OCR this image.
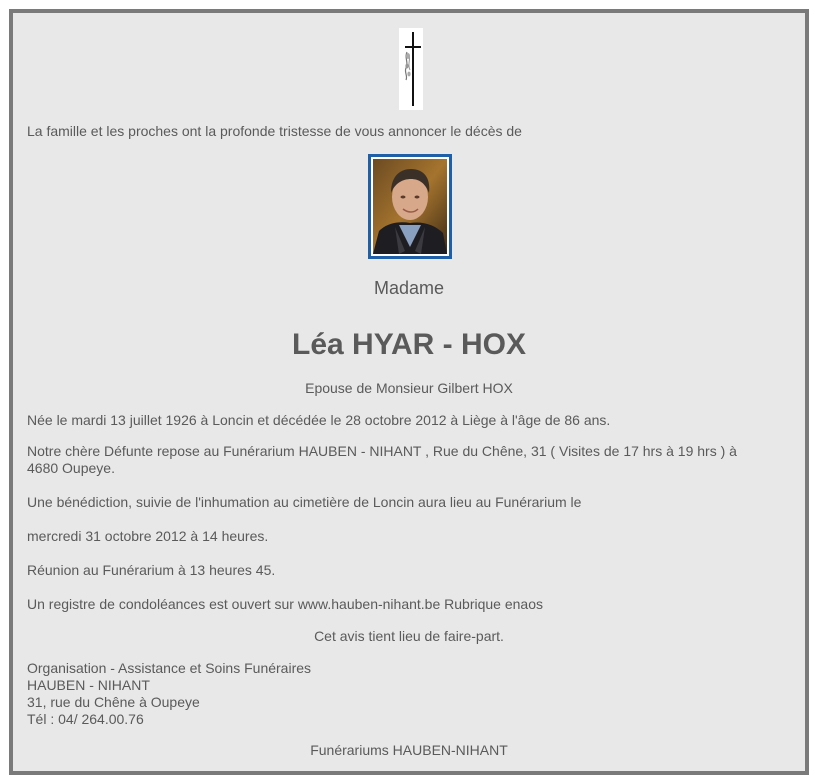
La famille et les proches ont la profonde tristesse de vous annoncer le décès de

Madame

Léa HYAR - HOX

Epouse de Monsieur Gilbert HOX

Née le mardi 13 juillet 1926 à Loncin et décédée le 28 octobre 2012 à Liège à l'âge de 86 ans.

Notre chère Défunte repose au Funérarium HAUBEN - NIHANT , Rue du Chêne, 31 ( Visites de 17 hrs à 19 hrs ) à

4680 Oupeye.

Une bénédiction, suivie de l'inhumation au cimetière de Loncin aura lieu au Funérarium le

mercredi 31 octobre 2012 à 14 heures.

Réunion au Funérarium à 13 heures 45.

Un registre de condoléances est ouvert sur www.hauben-nihant.be Rubrique enaos

Cet avis tient lieu de faire-part.

Organisation - Assistance et Soins Funéraires

HAUBEN - NIHANT

31, rue du Chêne à Oupeye

Tél : 04/ 264.00.76

Funérariums HAUBEN-NIHANT
